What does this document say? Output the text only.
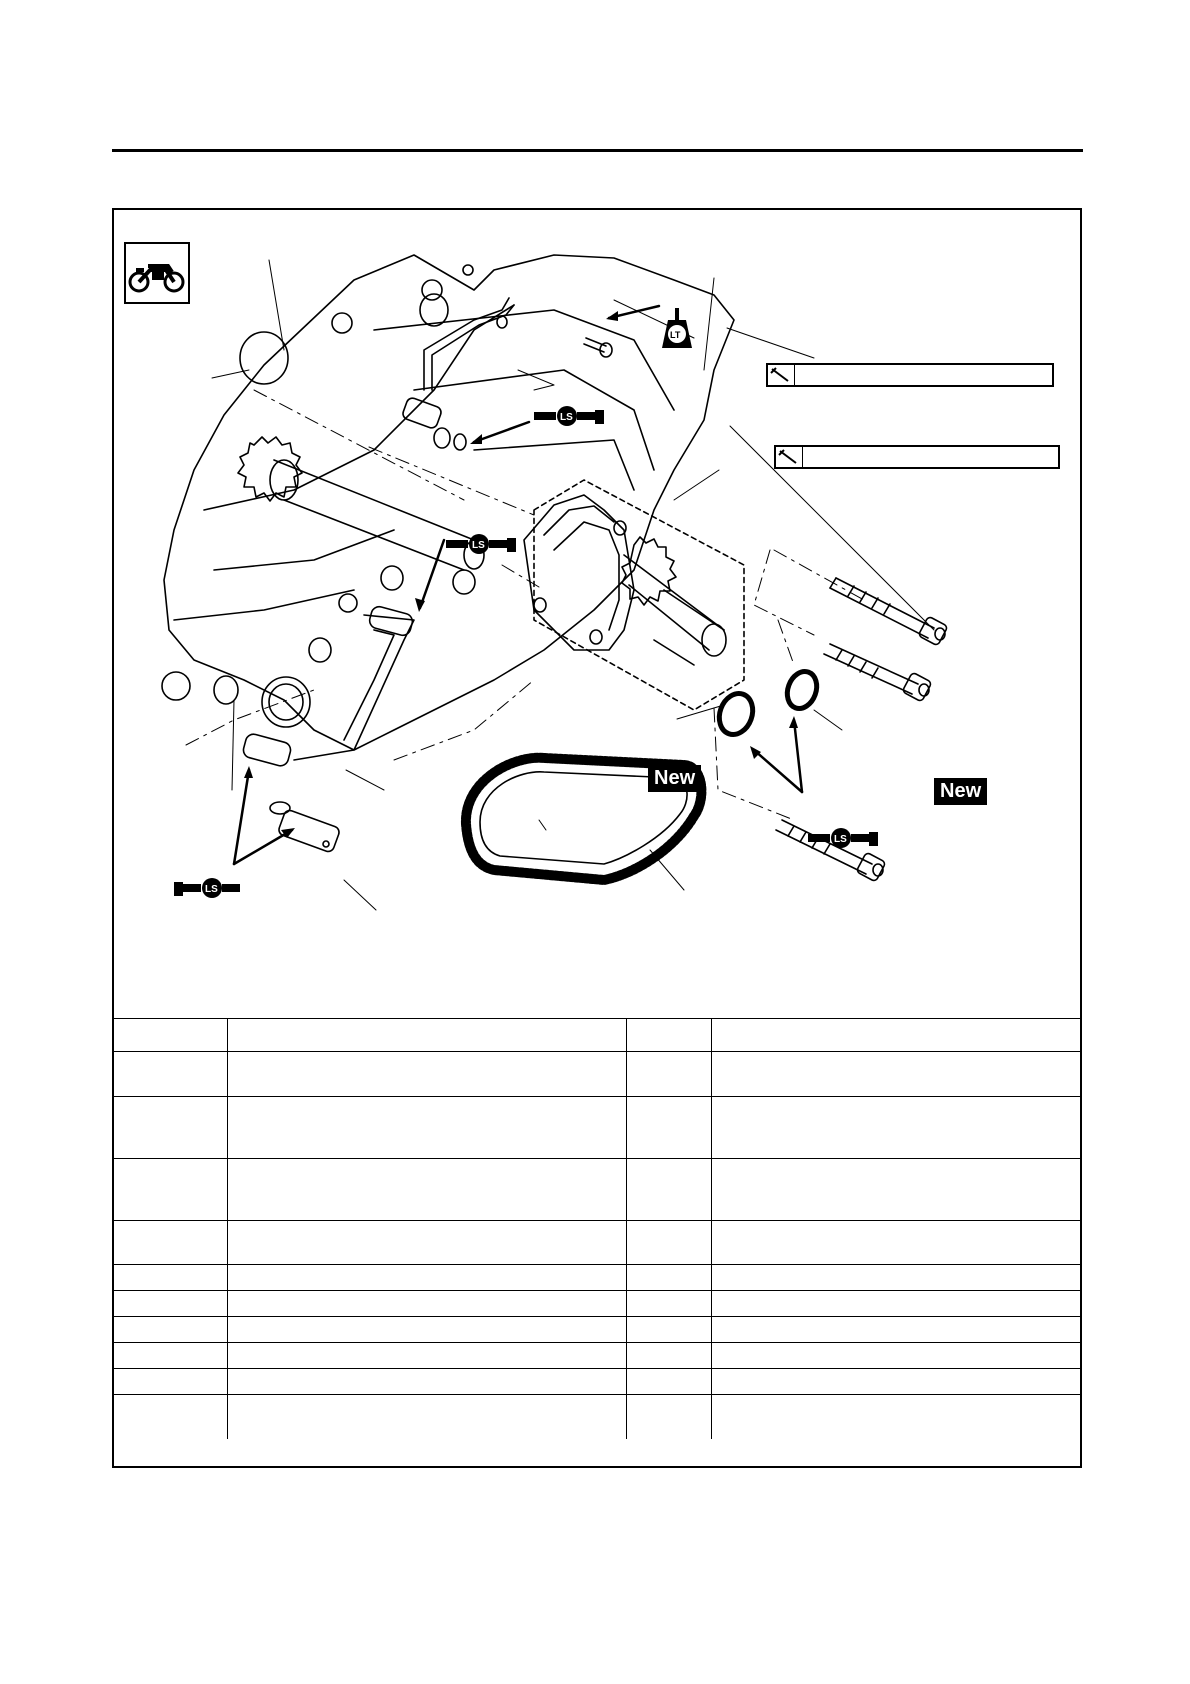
LS
LS
LS
LS
LT
New
New
